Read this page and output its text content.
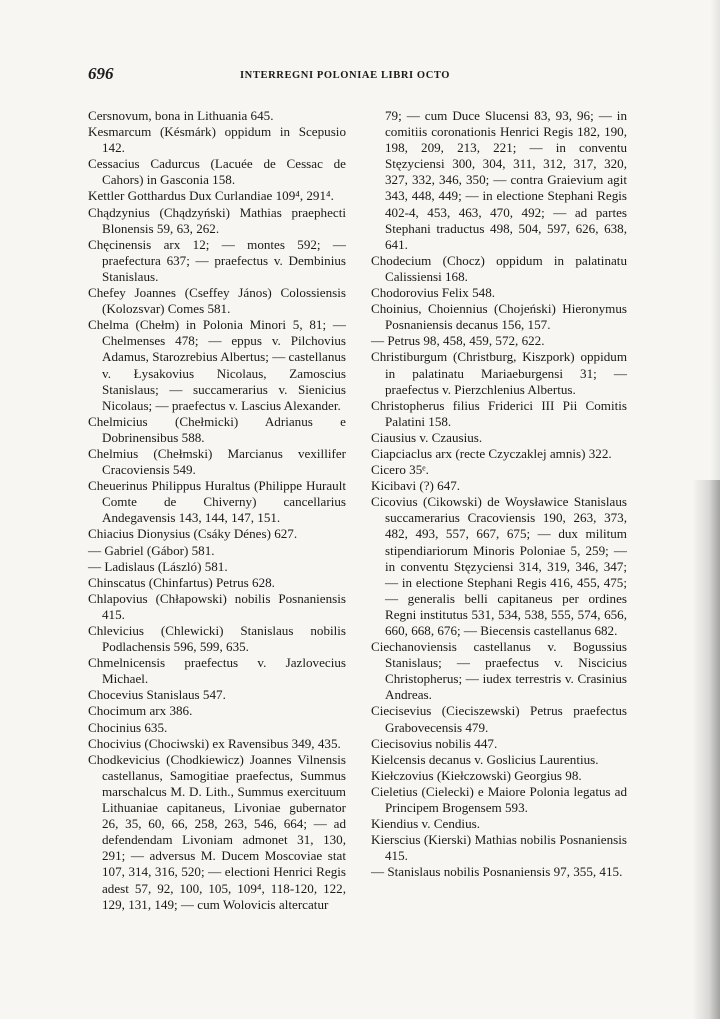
696	INTERREGNI POLONIAE LIBRI OCTO

Cersnovum, bona in Lithuania 645.

Kesmarcum (Késmárk) oppidum in Scepusio 142.

Cessacius Cadurcus (Lacuée de Cessac de Cahors) in Gasconia 158.

Kettler Gotthardus Dux Curlandiae 109⁴, 291⁴.

Chądzynius (Chądzyński) Mathias praephecti Blonensis 59, 63, 262.

Chęcinensis arx 12; — montes 592; — praefectura 637; — praefectus v. Dembinius Stanislaus.

Chefey Joannes (Cseffey János) Colossiensis (Kolozsvar) Comes 581.

Chelma (Chełm) in Polonia Minori 5, 81; — Chelmenses 478; — eppus v. Pilchovius Adamus, Starozrebius Albertus; — castellanus v. Łysakovius Nicolaus, Zamoscius Stanislaus; — succamerarius v. Sienicius Nicolaus; — praefectus v. Lascius Alexander.

Chelmicius (Chełmicki) Adrianus e Dobrinensibus 588.

Chelmius (Chełmski) Marcianus vexillifer Cracoviensis 549.

Cheuerinus Philippus Huraltus (Philippe Hurault Comte de Chiverny) cancellarius Andegavensis 143, 144, 147, 151.

Chiacius Dionysius (Csáky Dénes) 627.

— Gabriel (Gábor) 581.

— Ladislaus (László) 581.

Chinscatus (Chinfartus) Petrus 628.

Chlapovius (Chłapowski) nobilis Posnaniensis 415.

Chlevicius (Chlewicki) Stanislaus nobilis Podlachensis 596, 599, 635.

Chmelnicensis praefectus v. Jazlovecius Michael.

Chocevius Stanislaus 547.

Chocimum arx 386.

Chocinius 635.

Chocivius (Chociwski) ex Ravensibus 349, 435.

Chodkevicius (Chodkiewicz) Joannes Vilnensis castellanus, Samogitiae praefectus, Summus marschalcus M. D. Lith., Summus exercituum Lithuaniae capitaneus, Livoniae gubernator 26, 35, 60, 66, 258, 263, 546, 664; — ad defendendam Livoniam admonet 31, 130, 291; — adversus M. Ducem Moscoviae stat 107, 314, 316, 520; — electioni Henrici Regis adest 57, 92, 100, 105, 109⁴, 118-120, 122, 129, 131, 149; — cum Wolovicis altercatur

79; — cum Duce Slucensi 83, 93, 96; — in comitiis coronationis Henrici Regis 182, 190, 198, 209, 213, 221; — in conventu Stęzyciensi 300, 304, 311, 312, 317, 320, 327, 332, 346, 350; — contra Graievium agit 343, 448, 449; — in electione Stephani Regis 402-4, 453, 463, 470, 492; — ad partes Stephani traductus 498, 504, 597, 626, 638, 641.

Chodecium (Chocz) oppidum in palatinatu Calissiensi 168.

Chodorovius Felix 548.

Choinius, Choiennius (Chojeński) Hieronymus Posnaniensis decanus 156, 157.

— Petrus 98, 458, 459, 572, 622.

Christiburgum (Christburg, Kiszpork) oppidum in palatinatu Mariaeburgensi 31; — praefectus v. Pierzchlenius Albertus.

Christopherus filius Friderici III Pii Comitis Palatini 158.

Ciausius v. Czausius.

Ciapciaclus arx (recte Czyczaklej amnis) 322.

Cicero 35ᵉ.

Kicibavi (?) 647.

Cicovius (Cikowski) de Woysławice Stanislaus succamerarius Cracoviensis 190, 263, 373, 482, 493, 557, 667, 675; — dux militum stipendiariorum Minoris Poloniae 5, 259; — in conventu Stęzyciensi 314, 319, 346, 347; — in electione Stephani Regis 416, 455, 475; — generalis belli capitaneus per ordines Regni institutus 531, 534, 538, 555, 574, 656, 660, 668, 676; — Biecensis castellanus 682.

Ciechanoviensis castellanus v. Bogussius Stanislaus; — praefectus v. Niscicius Christopherus; — iudex terrestris v. Crasinius Andreas.

Ciecisevius (Cieciszewski) Petrus praefectus Grabovecensis 479.

Ciecisovius nobilis 447.

Kielcensis decanus v. Goslicius Laurentius.

Kiełczovius (Kiełczowski) Georgius 98.

Cieletius (Cielecki) e Maiore Polonia legatus ad Principem Brogensem 593.

Kiendius v. Cendius.

Kierscius (Kierski) Mathias nobilis Posnaniensis 415.

— Stanislaus nobilis Posnaniensis 97, 355, 415.
